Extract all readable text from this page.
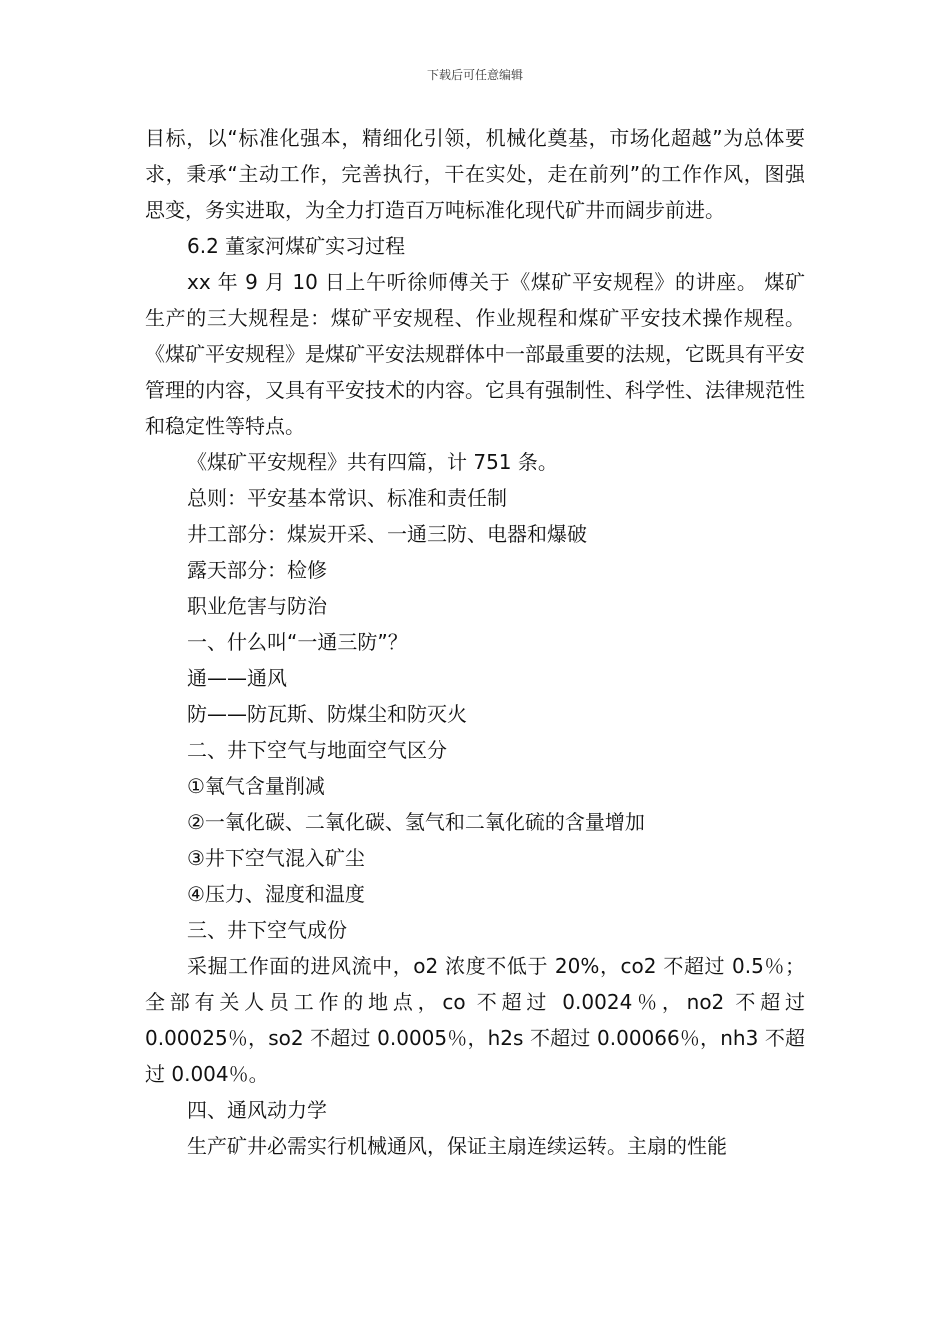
下载后可任意编辑

目标，以“标准化强本，精细化引领，机械化奠基，市场化超越”为总体要求，秉承“主动工作，完善执行，干在实处，走在前列”的工作作风，图强思变，务实进取，为全力打造百万吨标准化现代矿井而阔步前进。

6.2 董家河煤矿实习过程

xx 年 9 月 10 日上午听徐师傅关于《煤矿平安规程》的讲座。 煤矿生产的三大规程是：煤矿平安规程、作业规程和煤矿平安技术操作规程。《煤矿平安规程》是煤矿平安法规群体中一部最重要的法规，它既具有平安管理的内容，又具有平安技术的内容。它具有强制性、科学性、法律规范性和稳定性等特点。

《煤矿平安规程》共有四篇，计 751 条。

总则：平安基本常识、标准和责任制

井工部分：煤炭开采、一通三防、电器和爆破

露天部分：检修

职业危害与防治

一、什么叫“一通三防”？

通——通风

防——防瓦斯、防煤尘和防灭火

二、井下空气与地面空气区分

①氧气含量削减

②一氧化碳、二氧化碳、氢气和二氧化硫的含量增加

③井下空气混入矿尘

④压力、湿度和温度

三、井下空气成份

采掘工作面的进风流中，o2 浓度不低于 20%，co2 不超过 0.5％；全部有关人员工作的地点，co 不超过 0.0024％，no2 不超过 0.00025％，so2 不超过 0.0005％，h2s 不超过 0.00066％，nh3 不超过 0.004％。

四、通风动力学

生产矿井必需实行机械通风，保证主扇连续运转。主扇的性能
